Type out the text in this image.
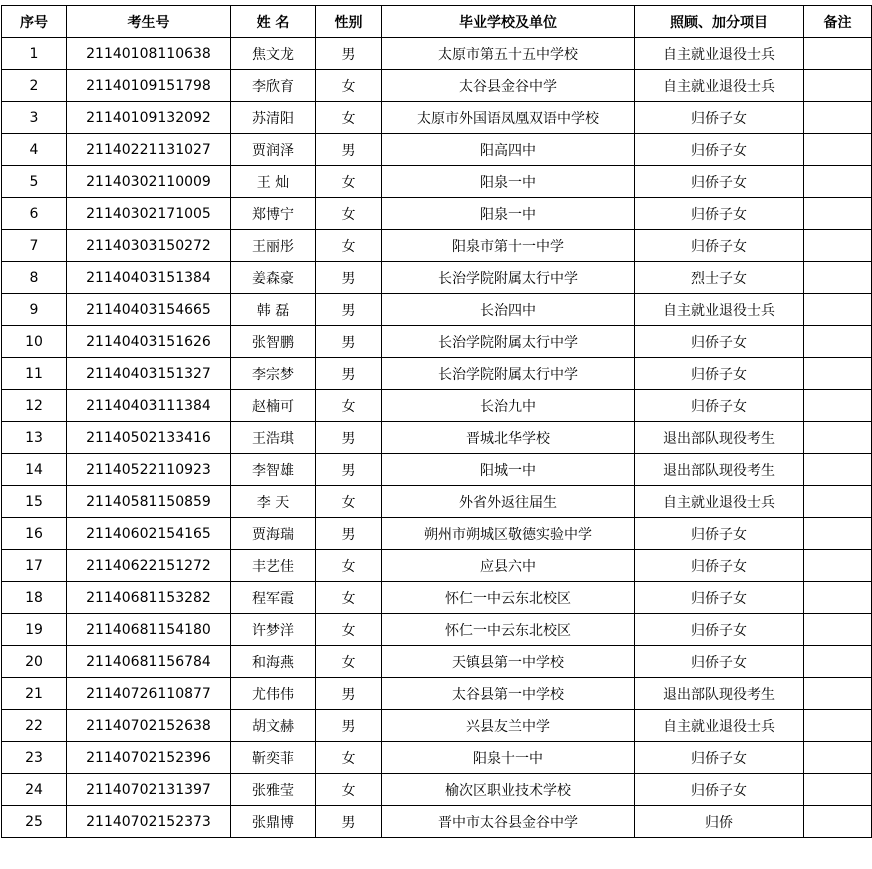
序号	考生号	姓 名	性别	毕业学校及单位	照顾、加分项目	备注
1	21140108110638	焦文龙	男	太原市第五十五中学校	自主就业退役士兵	
2	21140109151798	李欣育	女	太谷县金谷中学	自主就业退役士兵	
3	21140109132092	苏清阳	女	太原市外国语凤凰双语中学校	归侨子女	
4	21140221131027	贾润泽	男	阳高四中	归侨子女	
5	21140302110009	王 灿	女	阳泉一中	归侨子女	
6	21140302171005	郑博宁	女	阳泉一中	归侨子女	
7	21140303150272	王丽彤	女	阳泉市第十一中学	归侨子女	
8	21140403151384	姜森豪	男	长治学院附属太行中学	烈士子女	
9	21140403154665	韩 磊	男	长治四中	自主就业退役士兵	
10	21140403151626	张智鹏	男	长治学院附属太行中学	归侨子女	
11	21140403151327	李宗梦	男	长治学院附属太行中学	归侨子女	
12	21140403111384	赵楠可	女	长治九中	归侨子女	
13	21140502133416	王浩琪	男	晋城北华学校	退出部队现役考生	
14	21140522110923	李智雄	男	阳城一中	退出部队现役考生	
15	21140581150859	李 天	女	外省外返往届生	自主就业退役士兵	
16	21140602154165	贾海瑞	男	朔州市朔城区敬德实验中学	归侨子女	
17	21140622151272	丰艺佳	女	应县六中	归侨子女	
18	21140681153282	程军霞	女	怀仁一中云东北校区	归侨子女	
19	21140681154180	许梦洋	女	怀仁一中云东北校区	归侨子女	
20	21140681156784	和海燕	女	天镇县第一中学校	归侨子女	
21	21140726110877	尤伟伟	男	太谷县第一中学校	退出部队现役考生	
22	21140702152638	胡文赫	男	兴县友兰中学	自主就业退役士兵	
23	21140702152396	靳奕菲	女	阳泉十一中	归侨子女	
24	21140702131397	张雅莹	女	榆次区职业技术学校	归侨子女	
25	21140702152373	张鼎博	男	晋中市太谷县金谷中学	归侨	
